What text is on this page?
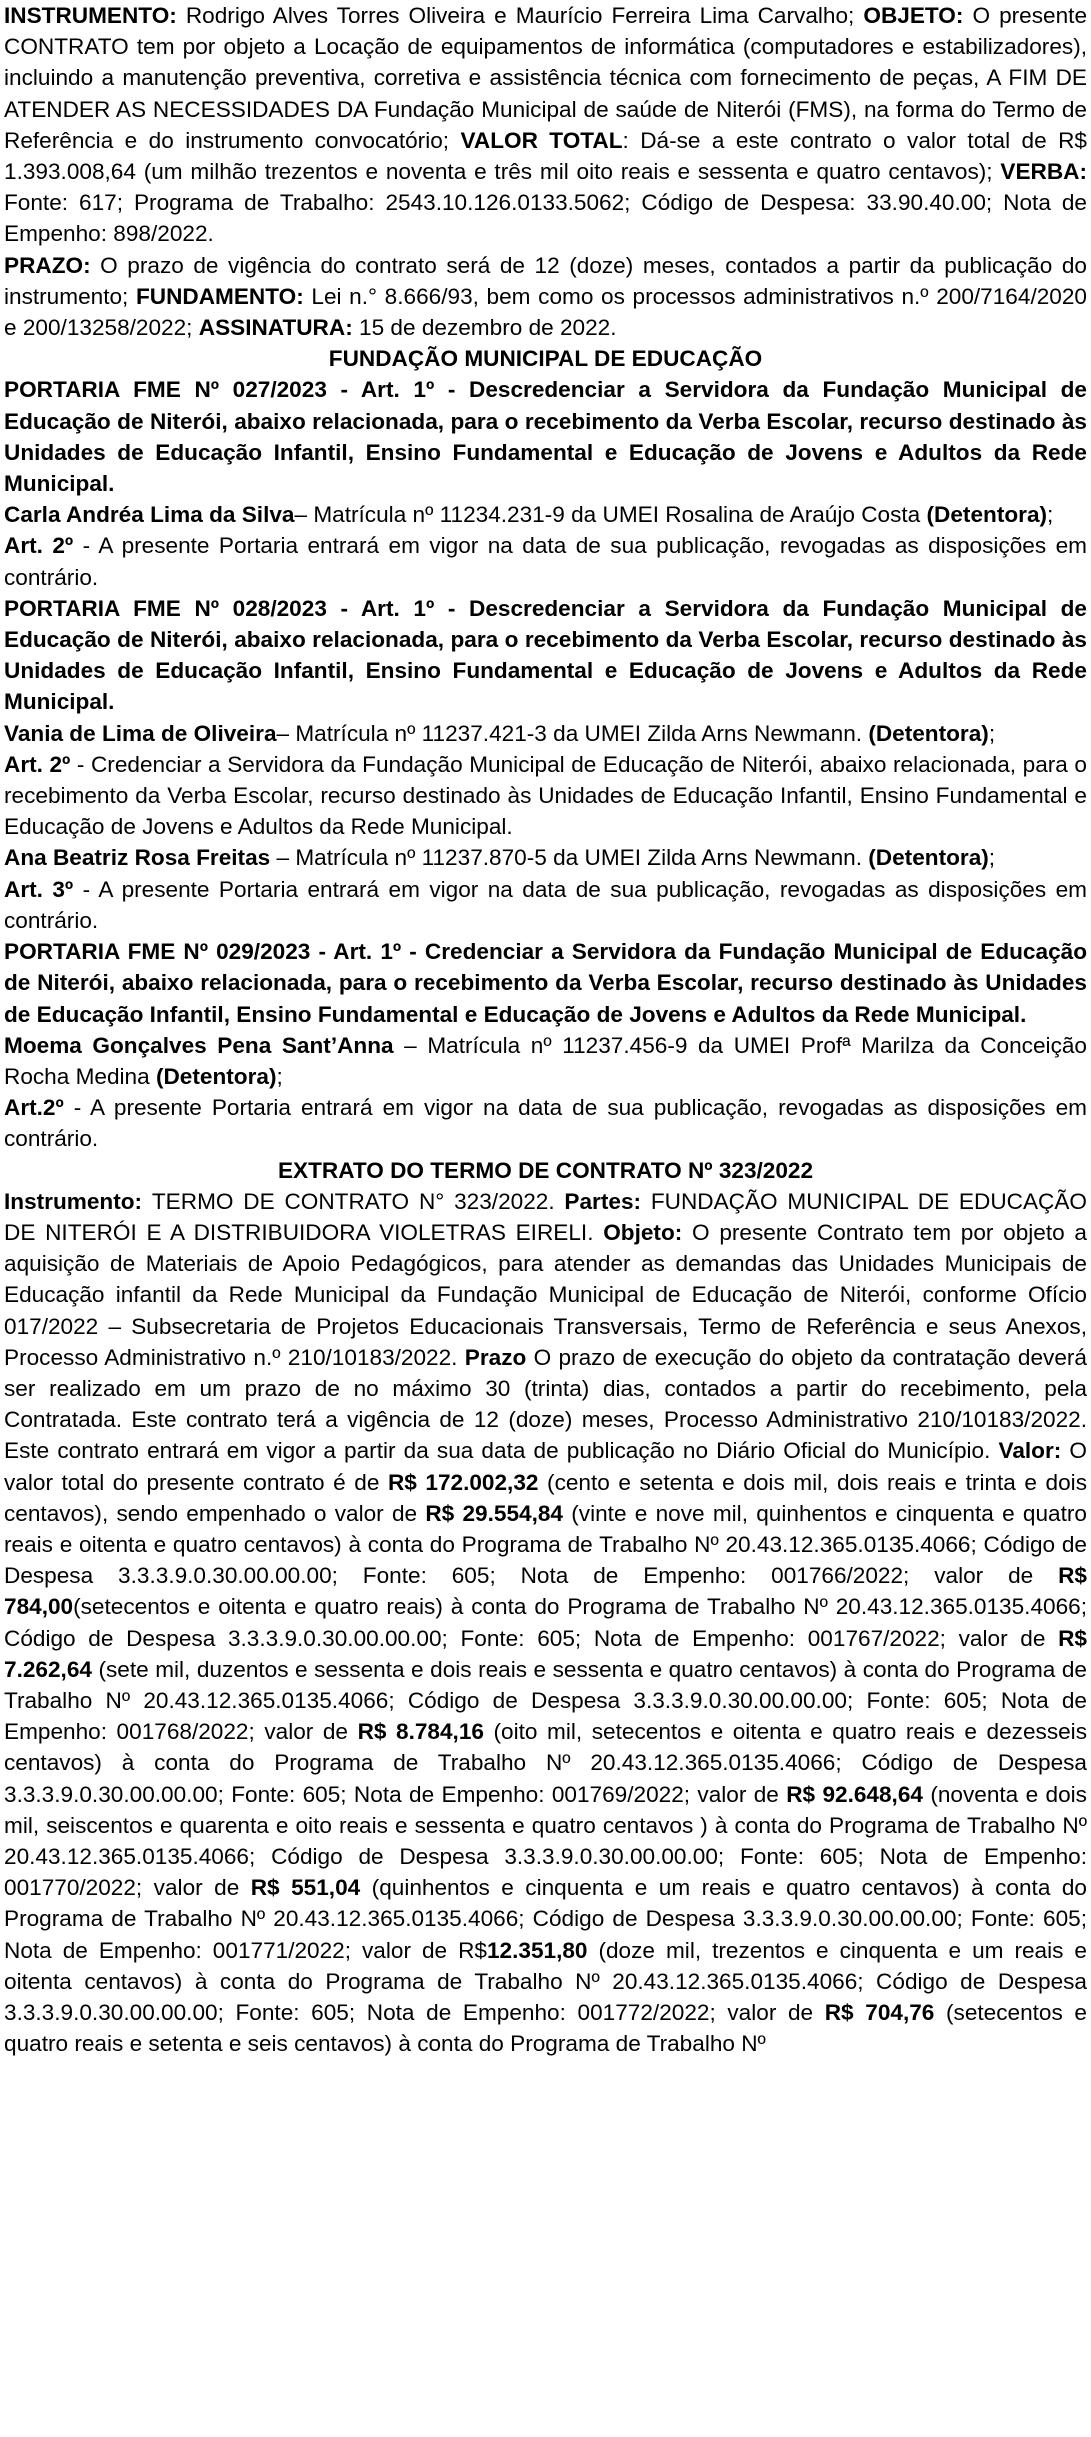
INSTRUMENTO: Rodrigo Alves Torres Oliveira e Maurício Ferreira Lima Carvalho; OBJETO: O presente CONTRATO tem por objeto a Locação de equipamentos de informática (computadores e estabilizadores), incluindo a manutenção preventiva, corretiva e assistência técnica com fornecimento de peças, A FIM DE ATENDER AS NECESSIDADES DA Fundação Municipal de saúde de Niterói (FMS), na forma do Termo de Referência e do instrumento convocatório; VALOR TOTAL: Dá-se a este contrato o valor total de R$ 1.393.008,64 (um milhão trezentos e noventa e três mil oito reais e sessenta e quatro centavos); VERBA: Fonte: 617; Programa de Trabalho: 2543.10.126.0133.5062; Código de Despesa: 33.90.40.00; Nota de Empenho: 898/2022.

PRAZO: O prazo de vigência do contrato será de 12 (doze) meses, contados a partir da publicação do instrumento; FUNDAMENTO: Lei n.° 8.666/93, bem como os processos administrativos n.º 200/7164/2020 e 200/13258/2022; ASSINATURA: 15 de dezembro de 2022.

FUNDAÇÃO MUNICIPAL DE EDUCAÇÃO

PORTARIA FME Nº 027/2023 - Art. 1º - Descredenciar a Servidora da Fundação Municipal de Educação de Niterói, abaixo relacionada, para o recebimento da Verba Escolar, recurso destinado às Unidades de Educação Infantil, Ensino Fundamental e Educação de Jovens e Adultos da Rede Municipal.

Carla Andréa Lima da Silva– Matrícula nº 11234.231-9 da UMEI Rosalina de Araújo Costa (Detentora);

Art. 2º - A presente Portaria entrará em vigor na data de sua publicação, revogadas as disposições em contrário.

PORTARIA FME Nº 028/2023 - Art. 1º - Descredenciar a Servidora da Fundação Municipal de Educação de Niterói, abaixo relacionada, para o recebimento da Verba Escolar, recurso destinado às Unidades de Educação Infantil, Ensino Fundamental e Educação de Jovens e Adultos da Rede Municipal.

Vania de Lima de Oliveira– Matrícula nº 11237.421-3 da UMEI Zilda Arns Newmann. (Detentora);

Art. 2º - Credenciar a Servidora da Fundação Municipal de Educação de Niterói, abaixo relacionada, para o recebimento da Verba Escolar, recurso destinado às Unidades de Educação Infantil, Ensino Fundamental e Educação de Jovens e Adultos da Rede Municipal.

Ana Beatriz Rosa Freitas – Matrícula nº 11237.870-5 da UMEI Zilda Arns Newmann. (Detentora);

Art. 3º - A presente Portaria entrará em vigor na data de sua publicação, revogadas as disposições em contrário.

PORTARIA FME Nº 029/2023 - Art. 1º - Credenciar a Servidora da Fundação Municipal de Educação de Niterói, abaixo relacionada, para o recebimento da Verba Escolar, recurso destinado às Unidades de Educação Infantil, Ensino Fundamental e Educação de Jovens e Adultos da Rede Municipal.

Moema Gonçalves Pena Sant’Anna – Matrícula nº 11237.456-9 da UMEI Profª Marilza da Conceição Rocha Medina (Detentora);

Art.2º - A presente Portaria entrará em vigor na data de sua publicação, revogadas as disposições em contrário.

EXTRATO DO TERMO DE CONTRATO Nº 323/2022

Instrumento: TERMO DE CONTRATO N° 323/2022. Partes: FUNDAÇÃO MUNICIPAL DE EDUCAÇÃO DE NITERÓI E A DISTRIBUIDORA VIOLETRAS EIRELI. Objeto: O presente Contrato tem por objeto a aquisição de Materiais de Apoio Pedagógicos, para atender as demandas das Unidades Municipais de Educação infantil da Rede Municipal da Fundação Municipal de Educação de Niterói, conforme Ofício 017/2022 – Subsecretaria de Projetos Educacionais Transversais, Termo de Referência e seus Anexos, Processo Administrativo n.º 210/10183/2022. Prazo O prazo de execução do objeto da contratação deverá ser realizado em um prazo de no máximo 30 (trinta) dias, contados a partir do recebimento, pela Contratada. Este contrato terá a vigência de 12 (doze) meses, Processo Administrativo 210/10183/2022. Este contrato entrará em vigor a partir da sua data de publicação no Diário Oficial do Município. Valor: O valor total do presente contrato é de R$ 172.002,32 (cento e setenta e dois mil, dois reais e trinta e dois centavos), sendo empenhado o valor de R$ 29.554,84 (vinte e nove mil, quinhentos e cinquenta e quatro reais e oitenta e quatro centavos) à conta do Programa de Trabalho Nº 20.43.12.365.0135.4066; Código de Despesa 3.3.3.9.0.30.00.00.00; Fonte: 605; Nota de Empenho: 001766/2022; valor de R$ 784,00(setecentos e oitenta e quatro reais) à conta do Programa de Trabalho Nº 20.43.12.365.0135.4066; Código de Despesa 3.3.3.9.0.30.00.00.00; Fonte: 605; Nota de Empenho: 001767/2022; valor de R$ 7.262,64 (sete mil, duzentos e sessenta e dois reais e sessenta e quatro centavos) à conta do Programa de Trabalho Nº 20.43.12.365.0135.4066; Código de Despesa 3.3.3.9.0.30.00.00.00; Fonte: 605; Nota de Empenho: 001768/2022; valor de R$ 8.784,16 (oito mil, setecentos e oitenta e quatro reais e dezesseis centavos) à conta do Programa de Trabalho Nº 20.43.12.365.0135.4066; Código de Despesa 3.3.3.9.0.30.00.00.00; Fonte: 605; Nota de Empenho: 001769/2022; valor de R$ 92.648,64 (noventa e dois mil, seiscentos e quarenta e oito reais e sessenta e quatro centavos ) à conta do Programa de Trabalho Nº 20.43.12.365.0135.4066; Código de Despesa 3.3.3.9.0.30.00.00.00; Fonte: 605; Nota de Empenho: 001770/2022; valor de R$ 551,04 (quinhentos e cinquenta e um reais e quatro centavos) à conta do Programa de Trabalho Nº 20.43.12.365.0135.4066; Código de Despesa 3.3.3.9.0.30.00.00.00; Fonte: 605; Nota de Empenho: 001771/2022; valor de R$12.351,80 (doze mil, trezentos e cinquenta e um reais e oitenta centavos) à conta do Programa de Trabalho Nº 20.43.12.365.0135.4066; Código de Despesa 3.3.3.9.0.30.00.00.00; Fonte: 605; Nota de Empenho: 001772/2022; valor de R$ 704,76 (setecentos e quatro reais e setenta e seis centavos) à conta do Programa de Trabalho Nº
